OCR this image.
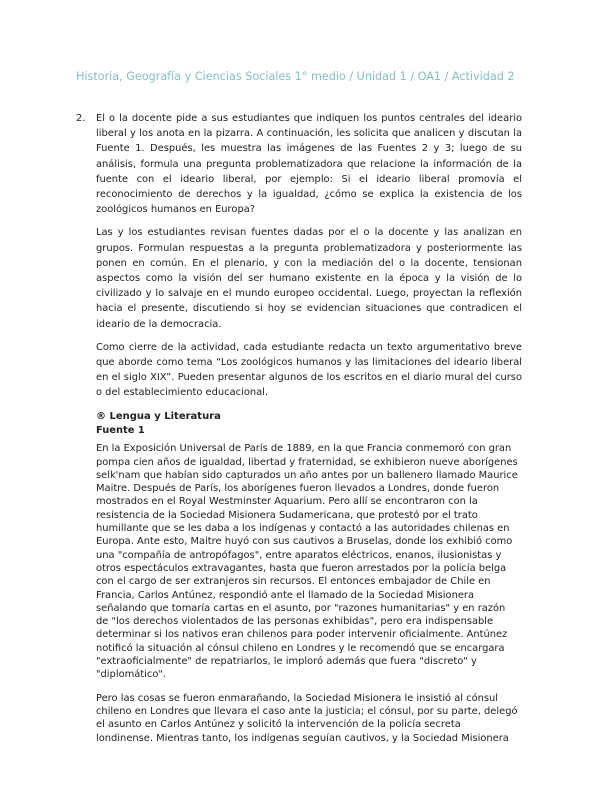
Historia, Geografía y Ciencias Sociales 1° medio / Unidad 1 / OA1 / Actividad 2
2. El o la docente pide a sus estudiantes que indiquen los puntos centrales del ideario liberal y los anota en la pizarra. A continuación, les solicita que analicen y discutan la Fuente 1. Después, les muestra las imágenes de las Fuentes 2 y 3; luego de su análisis, formula una pregunta problematizadora que relacione la información de la fuente con el ideario liberal, por ejemplo: Si el ideario liberal promovía el reconocimiento de derechos y la igualdad, ¿cómo se explica la existencia de los zoológicos humanos en Europa?

Las y los estudiantes revisan fuentes dadas por el o la docente y las analizan en grupos. Formulan respuestas a la pregunta problematizadora y posteriormente las ponen en común. En el plenario, y con la mediación del o la docente, tensionan aspectos como la visión del ser humano existente en la época y la visión de lo civilizado y lo salvaje en el mundo europeo occidental. Luego, proyectan la reflexión hacia el presente, discutiendo si hoy se evidencian situaciones que contradicen el ideario de la democracia.

Como cierre de la actividad, cada estudiante redacta un texto argumentativo breve que aborde como tema “Los zoológicos humanos y las limitaciones del ideario liberal en el siglo XIX”. Pueden presentar algunos de los escritos en el diario mural del curso o del establecimiento educacional.

® Lengua y Literatura
Fuente 1

En la Exposición Universal de París de 1889, en la que Francia conmemoró con gran pompa cien años de igualdad, libertad y fraternidad, se exhibieron nueve aborígenes selk'nam que habían sido capturados un año antes por un ballenero llamado Maurice Maitre. Después de París, los aborígenes fueron llevados a Londres, donde fueron mostrados en el Royal Westminster Aquarium. Pero allí se encontraron con la resistencia de la Sociedad Misionera Sudamericana, que protestó por el trato humillante que se les daba a los indígenas y contactó a las autoridades chilenas en Europa. Ante esto, Maitre huyó con sus cautivos a Bruselas, donde los exhibió como una "compañía de antropófagos", entre aparatos eléctricos, enanos, ilusionistas y otros espectáculos extravagantes, hasta que fueron arrestados por la policía belga con el cargo de ser extranjeros sin recursos. El entonces embajador de Chile en Francia, Carlos Antúnez, respondió ante el llamado de la Sociedad Misionera señalando que tomaría cartas en el asunto, por "razones humanitarias" y en razón de "los derechos violentados de las personas exhibidas", pero era indispensable determinar si los nativos eran chilenos para poder intervenir oficialmente. Antúnez notificó la situación al cónsul chileno en Londres y le recomendó que se encargara "extraoficialmente" de repatriarlos, le imploró además que fuera "discreto" y "diplomático".

Pero las cosas se fueron enmarañando, la Sociedad Misionera le insistió al cónsul chileno en Londres que llevara el caso ante la justicia; el cónsul, por su parte, delegó el asunto en Carlos Antúnez y solicitó la intervención de la policía secreta londinense. Mientras tanto, los indígenas seguían cautivos, y la Sociedad Misionera
